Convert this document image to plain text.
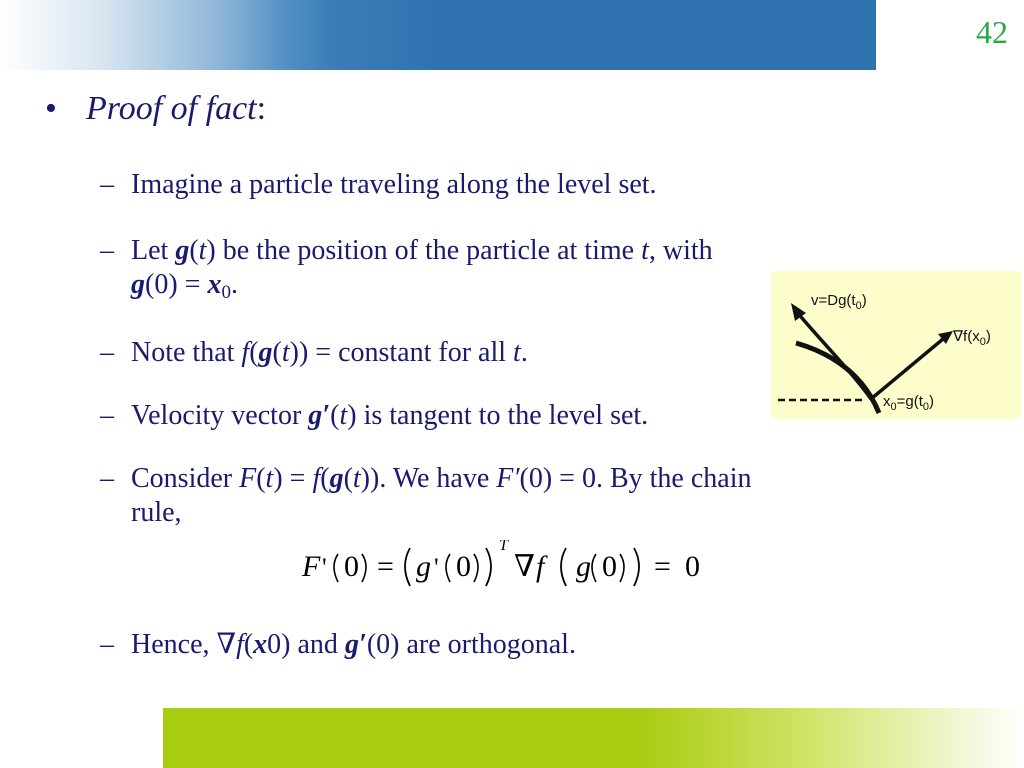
42
• Proof of fact:
– Imagine a particle traveling along the level set.
– Let g(t) be the position of the particle at time t, with
g(0) = x0.
– Note that f(g(t)) = constant for all t.
– Velocity vector g′(t) is tangent to the level set.
– Consider F(t) = f(g(t)). We have F′(0) = 0. By the chain
rule,
F ' 0 = g ' 0
T
∇ f g 0 = 0
– Hence, ∇f(x0) and g′(0) are orthogonal.
$v=Dg(t_0)$
$\nabla f(x_0)$
$x_0=g(t_0)$
